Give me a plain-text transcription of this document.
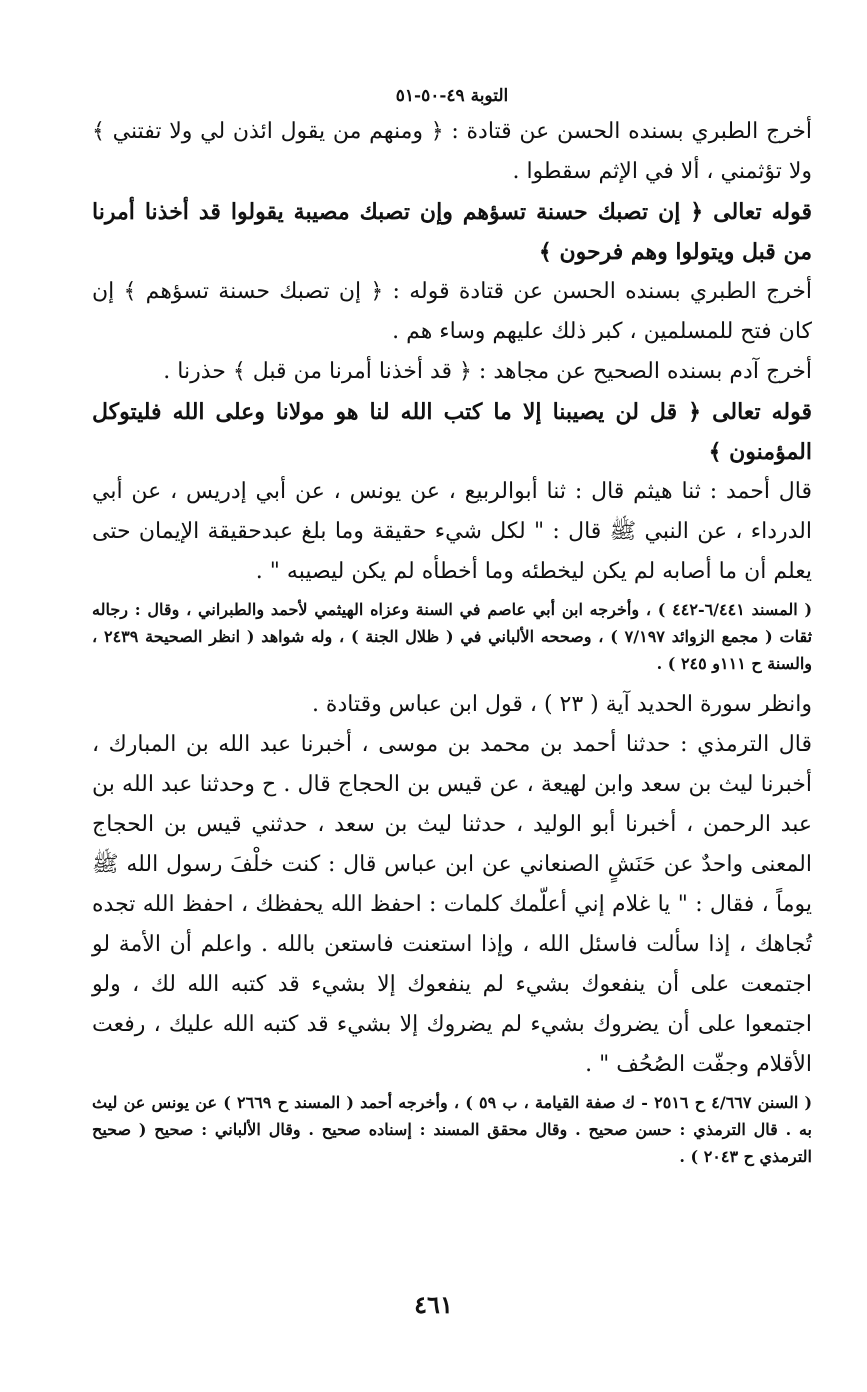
التوبة ٤٩-٥٠-٥١

أخرج الطبري بسنده الحسن عن قتادة : ﴿ ومنهم من يقول ائذن لي ولا تفتني ﴾ ولا تؤثمني ، ألا في الإثم سقطوا .

قوله تعالى ﴿ إن تصبك حسنة تسؤهم وإن تصبك مصيبة يقولوا قد أخذنا أمرنا من قبل ويتولوا وهم فرحون ﴾

أخرج الطبري بسنده الحسن عن قتادة قوله : ﴿ إن تصبك حسنة تسؤهم ﴾ إن كان فتح للمسلمين ، كبر ذلك عليهم وساء هم .

أخرج آدم بسنده الصحيح عن مجاهد : ﴿ قد أخذنا أمرنا من قبل ﴾ حذرنا .

قوله تعالى ﴿ قل لن يصيبنا إلا ما كتب الله لنا هو مولانا وعلى الله فليتوكل المؤمنون ﴾

قال أحمد : ثنا هيثم قال : ثنا أبوالربيع ، عن يونس ، عن أبي إدريس ، عن أبي الدرداء ، عن النبي ﷺ قال : " لكل شيء حقيقة وما بلغ عبدحقيقة الإيمان حتى يعلم أن ما أصابه لم يكن ليخطئه وما أخطأه لم يكن ليصيبه " .

( المسند ٦/٤٤١-٤٤٢ ) ، وأخرجه ابن أبي عاصم في السنة وعزاه الهيثمي لأحمد والطبراني ، وقال : رجاله ثقات ( مجمع الزوائد ٧/١٩٧ ) ، وصححه الألباني في ( ظلال الجنة ) ، وله شواهد ( انظر الصحيحة ٢٤٣٩ ، والسنة ح ١١١و ٢٤٥ ) .

وانظر سورة الحديد آية ( ٢٣ ) ، قول ابن عباس وقتادة .

قال الترمذي : حدثنا أحمد بن محمد بن موسى ، أخبرنا عبد الله بن المبارك ، أخبرنا ليث بن سعد وابن لهيعة ، عن قيس بن الحجاج قال . ح وحدثنا عبد الله بن عبد الرحمن ، أخبرنا أبو الوليد ، حدثنا ليث بن سعد ، حدثني قيس بن الحجاج المعنى واحدٌ عن حَنَشٍ الصنعاني عن ابن عباس قال : كنت خلْفَ رسول الله ﷺ يوماً ، فقال : " يا غلام إني أعلّمك كلمات : احفظ الله يحفظك ، احفظ الله تجده تُجاهك ، إذا سألت فاسئل الله ، وإذا استعنت فاستعن بالله . واعلم أن الأمة لو اجتمعت على أن ينفعوك بشيء لم ينفعوك إلا بشيء قد كتبه الله لك ، ولو اجتمعوا على أن يضروك بشيء لم يضروك إلا بشيء قد كتبه الله عليك ، رفعت الأقلام وجفّت الصُحُف " .

( السنن ٤/٦٦٧ ح ٢٥١٦ - ك صفة القيامة ، ب ٥٩ ) ، وأخرجه أحمد ( المسند ح ٢٦٦٩ ) عن يونس عن ليث به . قال الترمذي : حسن صحيح . وقال محقق المسند : إسناده صحيح . وقال الألباني : صحيح ( صحيح الترمذي ح ٢٠٤٣ ) .

٤٦١
